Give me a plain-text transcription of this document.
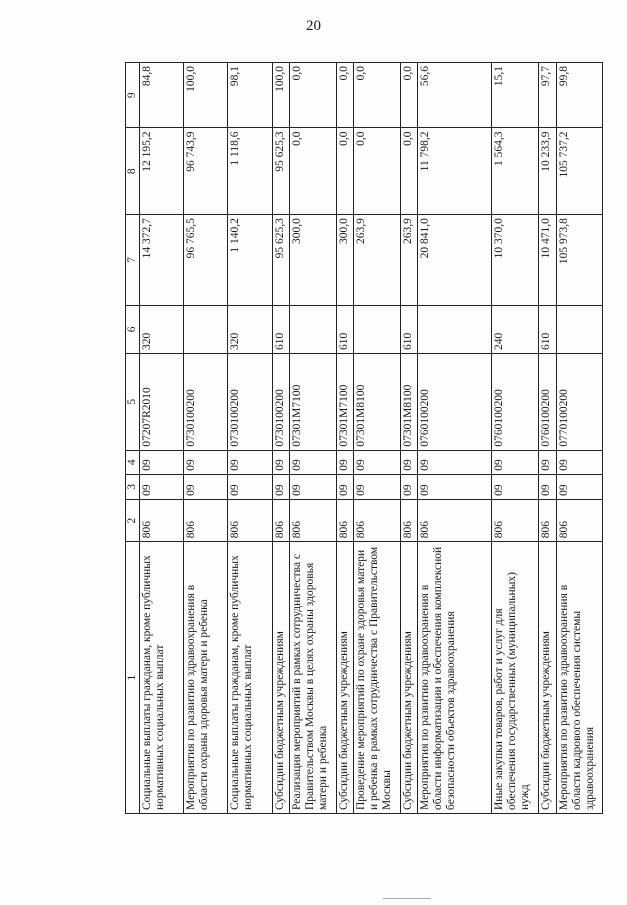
20
1	2	3	4	5	6	7	8	9
Социальные выплаты гражданам, кроме публичных нормативных социальных выплат	806	09	09	07207R2010	320	14 372,7	12 195,2	84,8
Мероприятия по развитию здравоохранения в области охраны здоровья матери и ребенка	806	09	09	0730100200		96 765,5	96 743,9	100,0
Социальные выплаты гражданам, кроме публичных нормативных социальных выплат	806	09	09	0730100200	320	1 140,2	1 118,6	98,1
Субсидии бюджетным учреждениям	806	09	09	0730100200	610	95 625,3	95 625,3	100,0
Реализация мероприятий в рамках сотрудничества с Правительством Москвы в целях охраны здоровья матери и ребенка	806	09	09	07301М7100		300,0	0,0	0,0
Субсидии бюджетным учреждениям	806	09	09	07301М7100	610	300,0	0,0	0,0
Проведение мероприятий по охране здоровья матери и ребенка в рамках сотрудничества с Правительством Москвы	806	09	09	07301М8100		263,9	0,0	0,0
Субсидии бюджетным учреждениям	806	09	09	07301М8100	610	263,9	0,0	0,0
Мероприятия по развитию здравоохранения в области информатизации и обеспечения комплексной безопасности объектов здравоохранения	806	09	09	0760100200		20 841,0	11 798,2	56,6
Иные закупки товаров, работ и услуг для обеспечения государственных (муниципальных) нужд	806	09	09	0760100200	240	10 370,0	1 564,3	15,1
Субсидии бюджетным учреждениям	806	09	09	0760100200	610	10 471,0	10 233,9	97,7
Мероприятия по развитию здравоохранения в области кадрового обеспечения системы здравоохранения	806	09	09	0770100200		105 973,8	105 737,2	99,8
